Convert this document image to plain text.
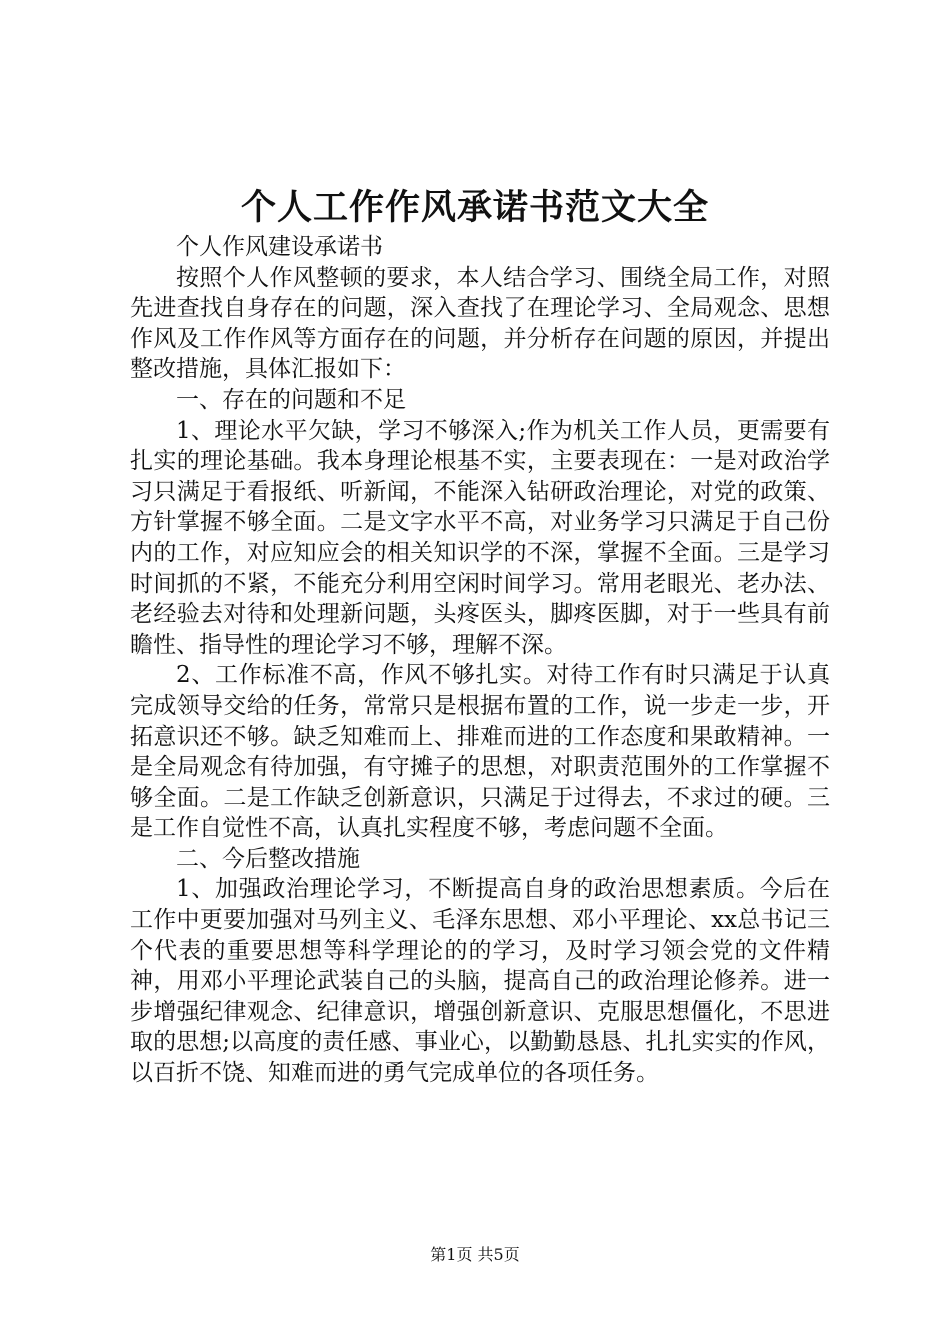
个人工作作风承诺书范文大全

个人作风建设承诺书

按照个人作风整顿的要求，本人结合学习、围绕全局工作，对照先进查找自身存在的问题，深入查找了在理论学习、全局观念、思想作风及工作作风等方面存在的问题，并分析存在问题的原因，并提出整改措施，具体汇报如下：

一、存在的问题和不足

1、理论水平欠缺，学习不够深入;作为机关工作人员，更需要有扎实的理论基础。我本身理论根基不实，主要表现在：一是对政治学习只满足于看报纸、听新闻，不能深入钻研政治理论，对党的政策、方针掌握不够全面。二是文字水平不高，对业务学习只满足于自己份内的工作，对应知应会的相关知识学的不深，掌握不全面。三是学习时间抓的不紧，不能充分利用空闲时间学习。常用老眼光、老办法、老经验去对待和处理新问题，头疼医头，脚疼医脚，对于一些具有前瞻性、指导性的理论学习不够，理解不深。

2、工作标准不高，作风不够扎实。对待工作有时只满足于认真完成领导交给的任务，常常只是根据布置的工作，说一步走一步，开拓意识还不够。缺乏知难而上、排难而进的工作态度和果敢精神。一是全局观念有待加强，有守摊子的思想，对职责范围外的工作掌握不够全面。二是工作缺乏创新意识，只满足于过得去，不求过的硬。三是工作自觉性不高，认真扎实程度不够，考虑问题不全面。

二、今后整改措施

1、加强政治理论学习，不断提高自身的政治思想素质。今后在工作中更要加强对马列主义、毛泽东思想、邓小平理论、xx总书记三个代表的重要思想等科学理论的的学习，及时学习领会党的文件精神，用邓小平理论武装自己的头脑，提高自己的政治理论修养。进一步增强纪律观念、纪律意识，增强创新意识、克服思想僵化，不思进取的思想;以高度的责任感、事业心，以勤勤恳恳、扎扎实实的作风，以百折不饶、知难而进的勇气完成单位的各项任务。

第1页 共5页
